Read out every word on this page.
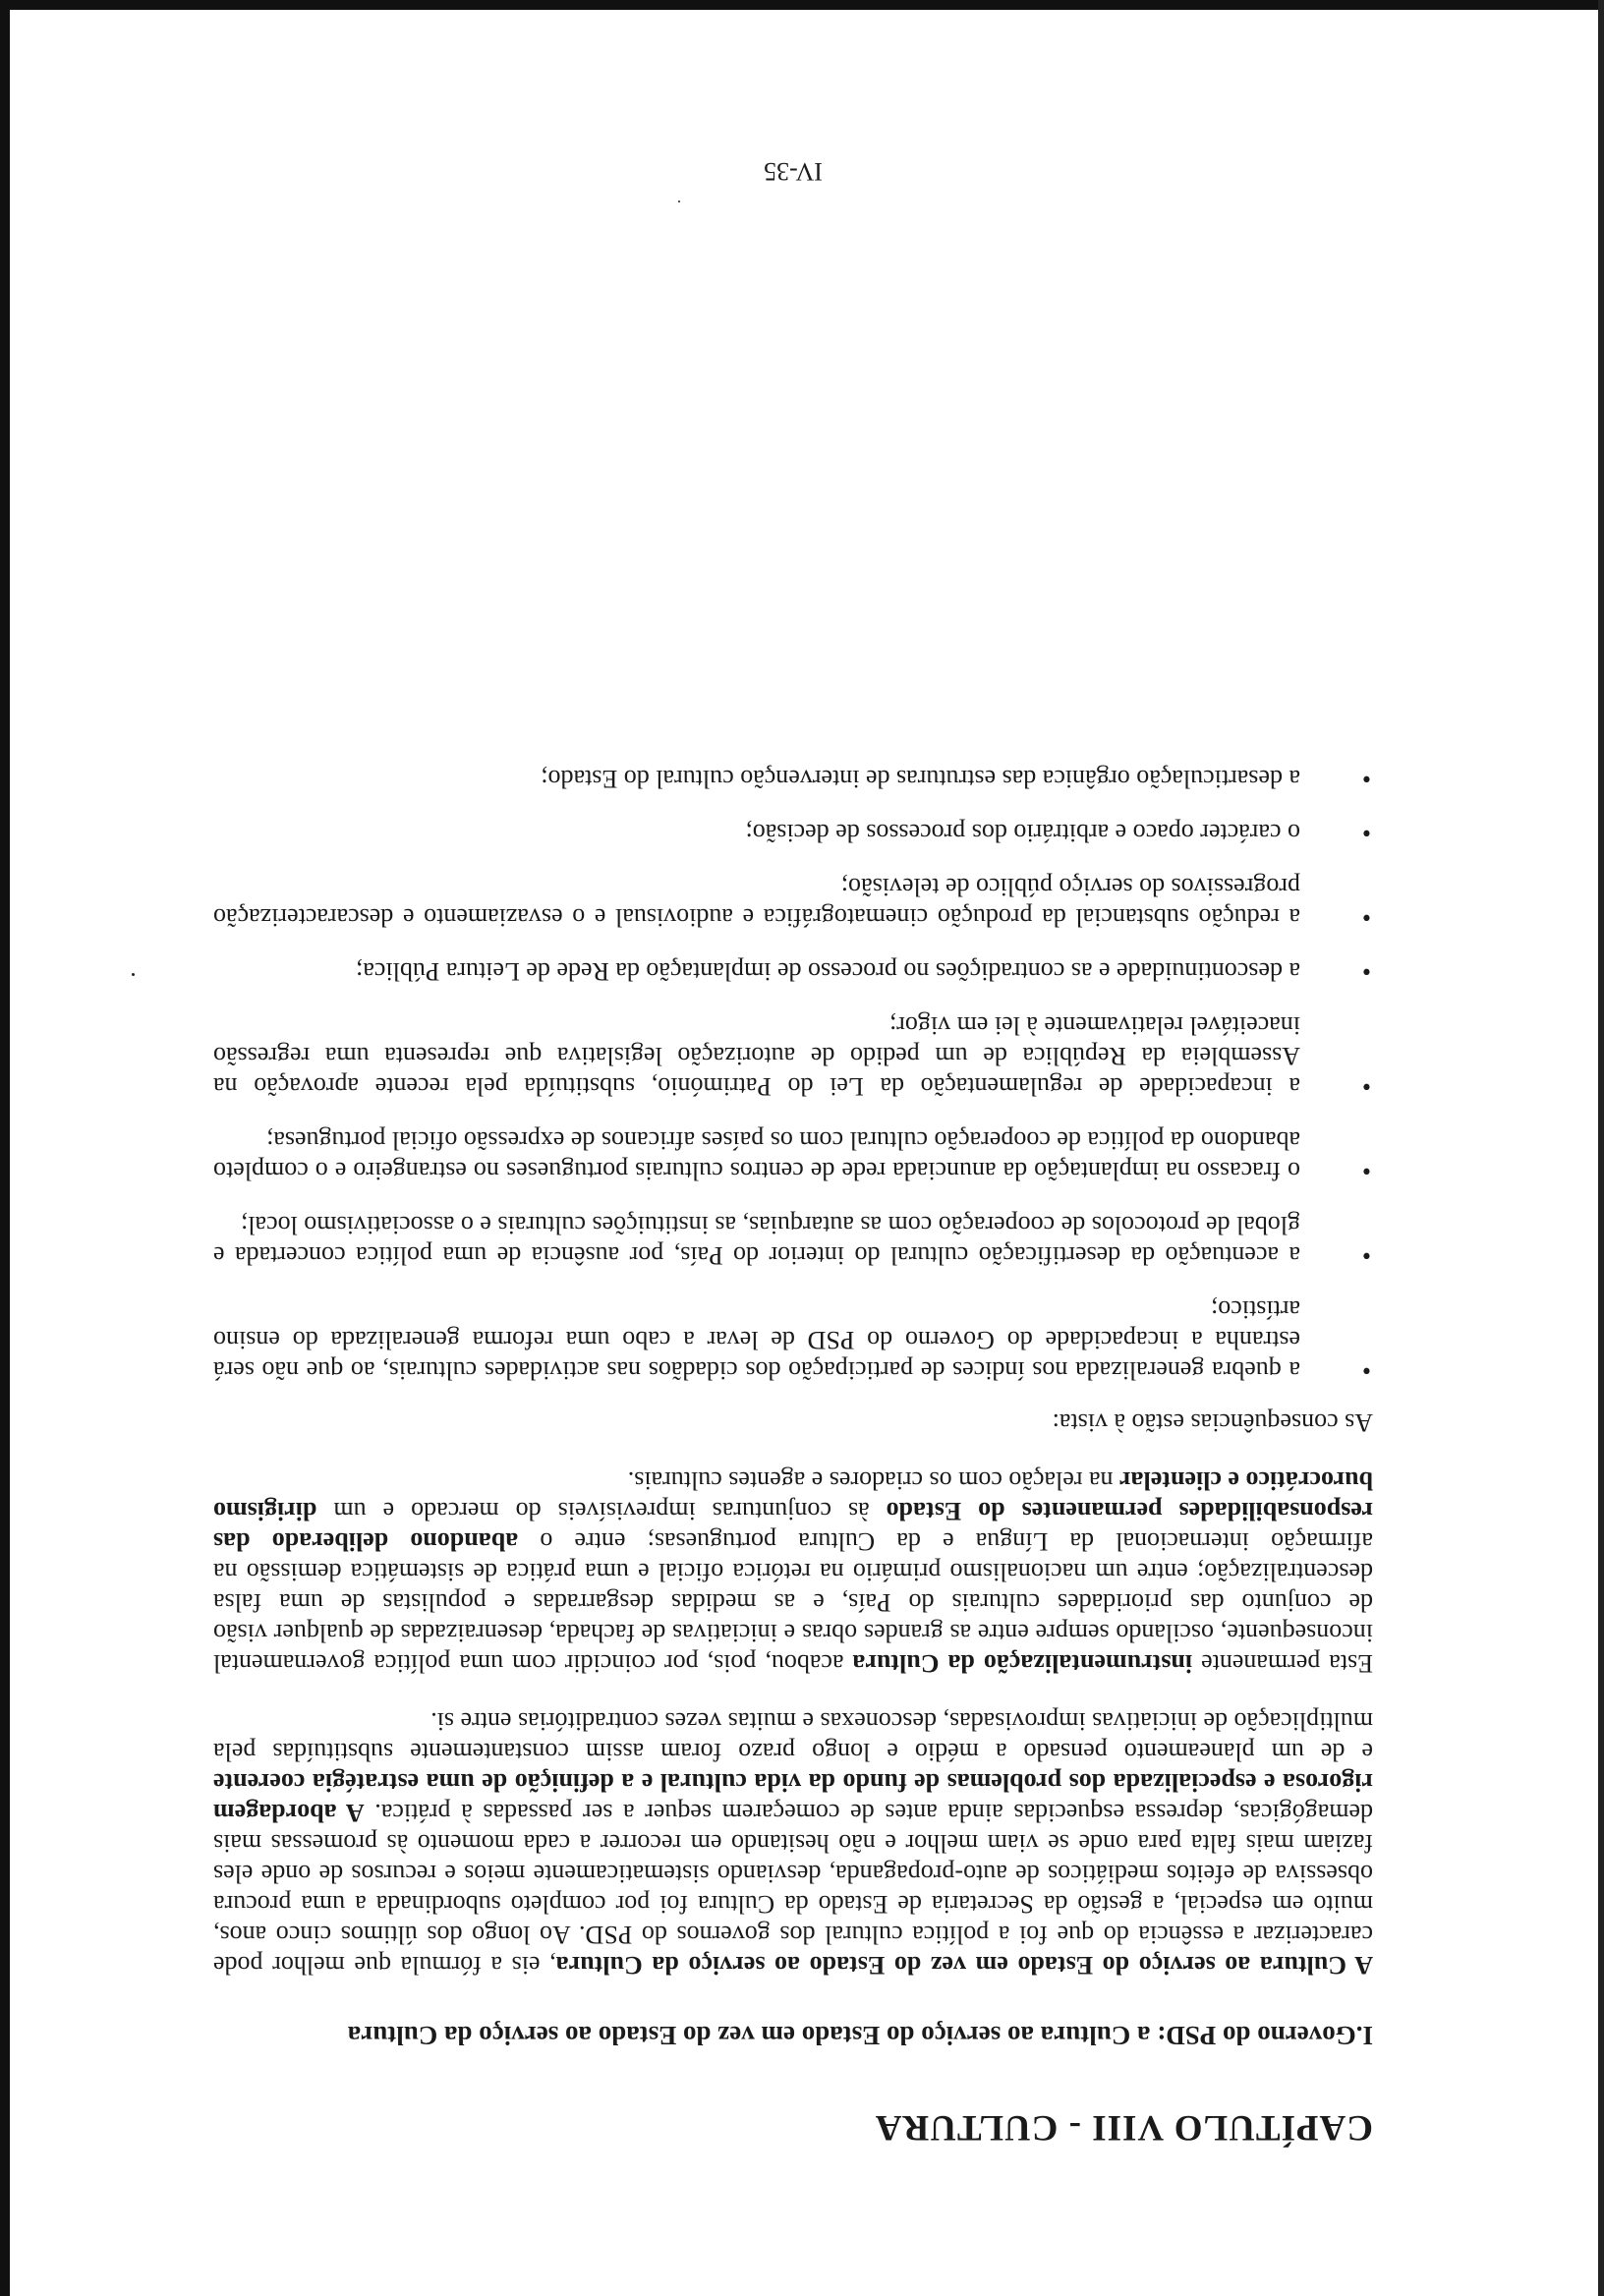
CAPÍTULO VIII - CULTURA
I.Governo do PSD: a Cultura ao serviço do Estado em vez do Estado ao serviço da Cultura

A Cultura ao serviço do Estado em vez do Estado ao serviço da Cultura, eis a fórmula que melhor pode caracterizar a essência do que foi a política cultural dos governos do PSD. Ao longo dos últimos cinco anos, muito em especial, a gestão da Secretaria de Estado da Cultura foi por completo subordinada a uma procura obsessiva de efeitos mediáticos de auto-propaganda, desviando sistematicamente meios e recursos de onde eles faziam mais falta para onde se viam melhor e não hesitando em recorrer a cada momento às promessas mais demagógicas, depressa esquecidas ainda antes de começarem sequer a ser passadas à prática. A abordagem rigorosa e especializada dos problemas de fundo da vida cultural e a definição de uma estratégia coerente e de um planeamento pensado a médio e longo prazo foram assim constantemente substituídas pela multiplicação de iniciativas improvisadas, desconexas e muitas vezes contraditórias entre si.

Esta permanente instrumentalização da Cultura acabou, pois, por coincidir com uma política governamental inconsequente, oscilando sempre entre as grandes obras e iniciativas de fachada, desenraizadas de qualquer visão de conjunto das prioridades culturais do País, e as medidas desgarradas e populistas de uma falsa descentralização; entre um nacionalismo primário na retórica oficial e uma prática de sistemática demissão na afirmação internacional da Língua e da Cultura portuguesas; entre o abandono deliberado das responsabilidades permanentes do Estado às conjunturas imprevisíveis do mercado e um dirigismo burocrático e clientelar na relação com os criadores e agentes culturais.

As consequências estão à vista:

• a quebra generalizada nos índices de participação dos cidadãos nas actividades culturais, ao que não será estranha a incapacidade do Governo do PSD de levar a cabo uma reforma generalizada do ensino artístico;
• a acentuação da desertificação cultural do interior do País, por ausência de uma política concertada e global de protocolos de cooperação com as autarquias, as instituições culturais e o associativismo local;
• o fracasso na implantação da anunciada rede de centros culturais portugueses no estrangeiro e o completo abandono da política de cooperação cultural com os países africanos de expressão oficial portuguesa;
• a incapacidade de regulamentação da Lei do Património, substituída pela recente aprovação na Assembleia da República de um pedido de autorização legislativa que representa uma regressão inaceitável relativamente à lei em vigor;
• a descontinuidade e as contradições no processo de implantação da Rede de Leitura Pública;
• a redução substancial da produção cinematográfica e audiovisual e o esvaziamento e descaracterização progressivos do serviço público de televisão;
• o carácter opaco e arbitrário dos processos de decisão;
• a desarticulação orgânica das estruturas de intervenção cultural do Estado;
IV-35
